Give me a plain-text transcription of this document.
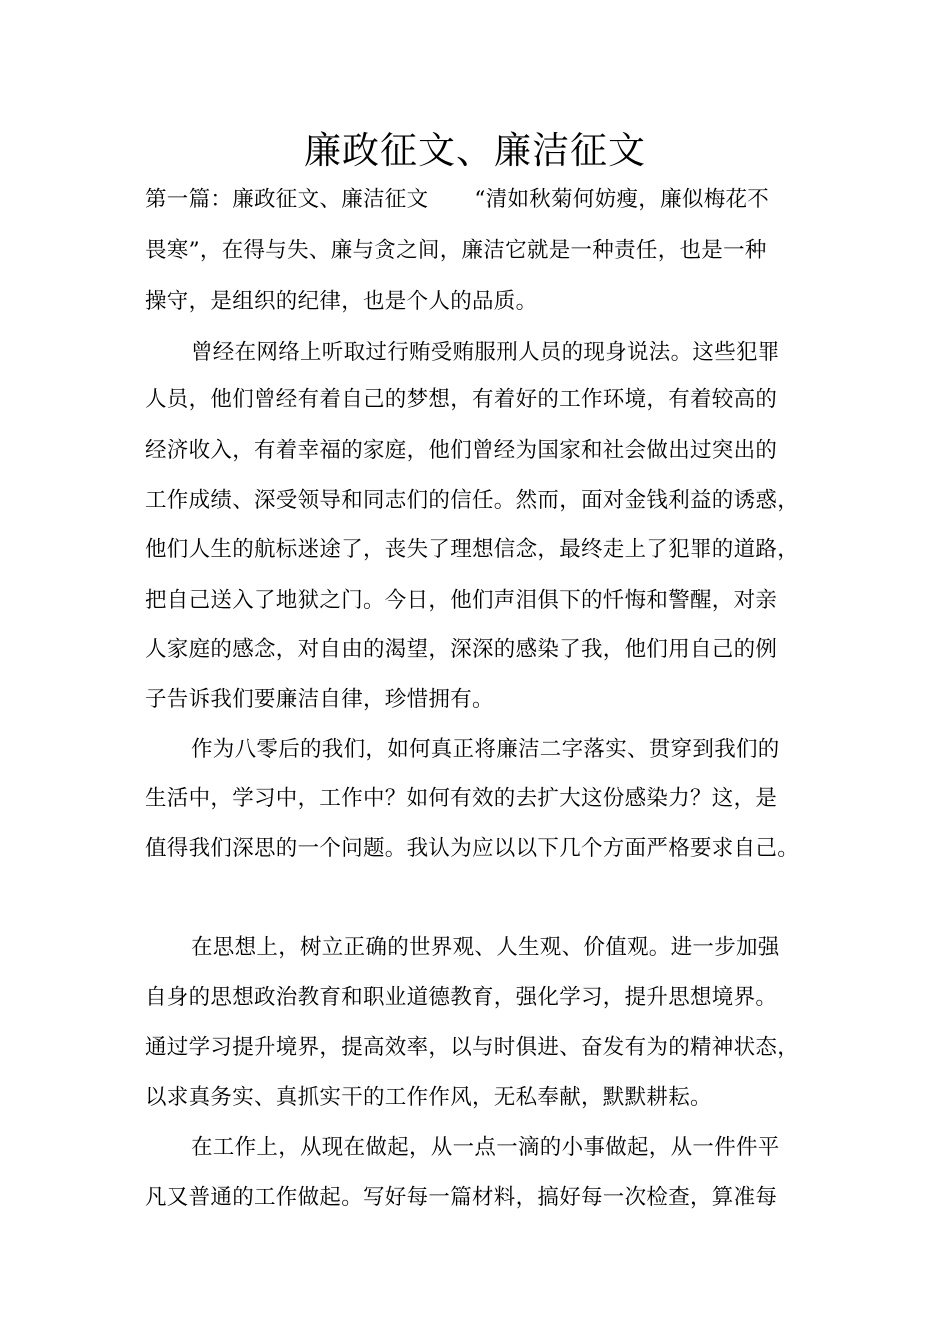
廉政征文、廉洁征文
第一篇：廉政征文、廉洁征文 “清如秋菊何妨瘦，廉似梅花不
畏寒”，在得与失、廉与贪之间，廉洁它就是一种责任，也是一种
操守，是组织的纪律，也是个人的品质。
曾经在网络上听取过行贿受贿服刑人员的现身说法。这些犯罪
人员，他们曾经有着自己的梦想，有着好的工作环境，有着较高的
经济收入，有着幸福的家庭，他们曾经为国家和社会做出过突出的
工作成绩、深受领导和同志们的信任。然而，面对金钱利益的诱惑，
他们人生的航标迷途了，丧失了理想信念，最终走上了犯罪的道路，
把自己送入了地狱之门。今日，他们声泪俱下的忏悔和警醒，对亲
人家庭的感念，对自由的渴望，深深的感染了我，他们用自己的例
子告诉我们要廉洁自律，珍惜拥有。
作为八零后的我们，如何真正将廉洁二字落实、贯穿到我们的
生活中，学习中，工作中？如何有效的去扩大这份感染力？这，是
值得我们深思的一个问题。我认为应以以下几个方面严格要求自己。
在思想上，树立正确的世界观、人生观、价值观。进一步加强
自身的思想政治教育和职业道德教育，强化学习，提升思想境界。
通过学习提升境界，提高效率，以与时俱进、奋发有为的精神状态，
以求真务实、真抓实干的工作作风，无私奉献，默默耕耘。
在工作上，从现在做起，从一点一滴的小事做起，从一件件平
凡又普通的工作做起。写好每一篇材料，搞好每一次检查，算准每
